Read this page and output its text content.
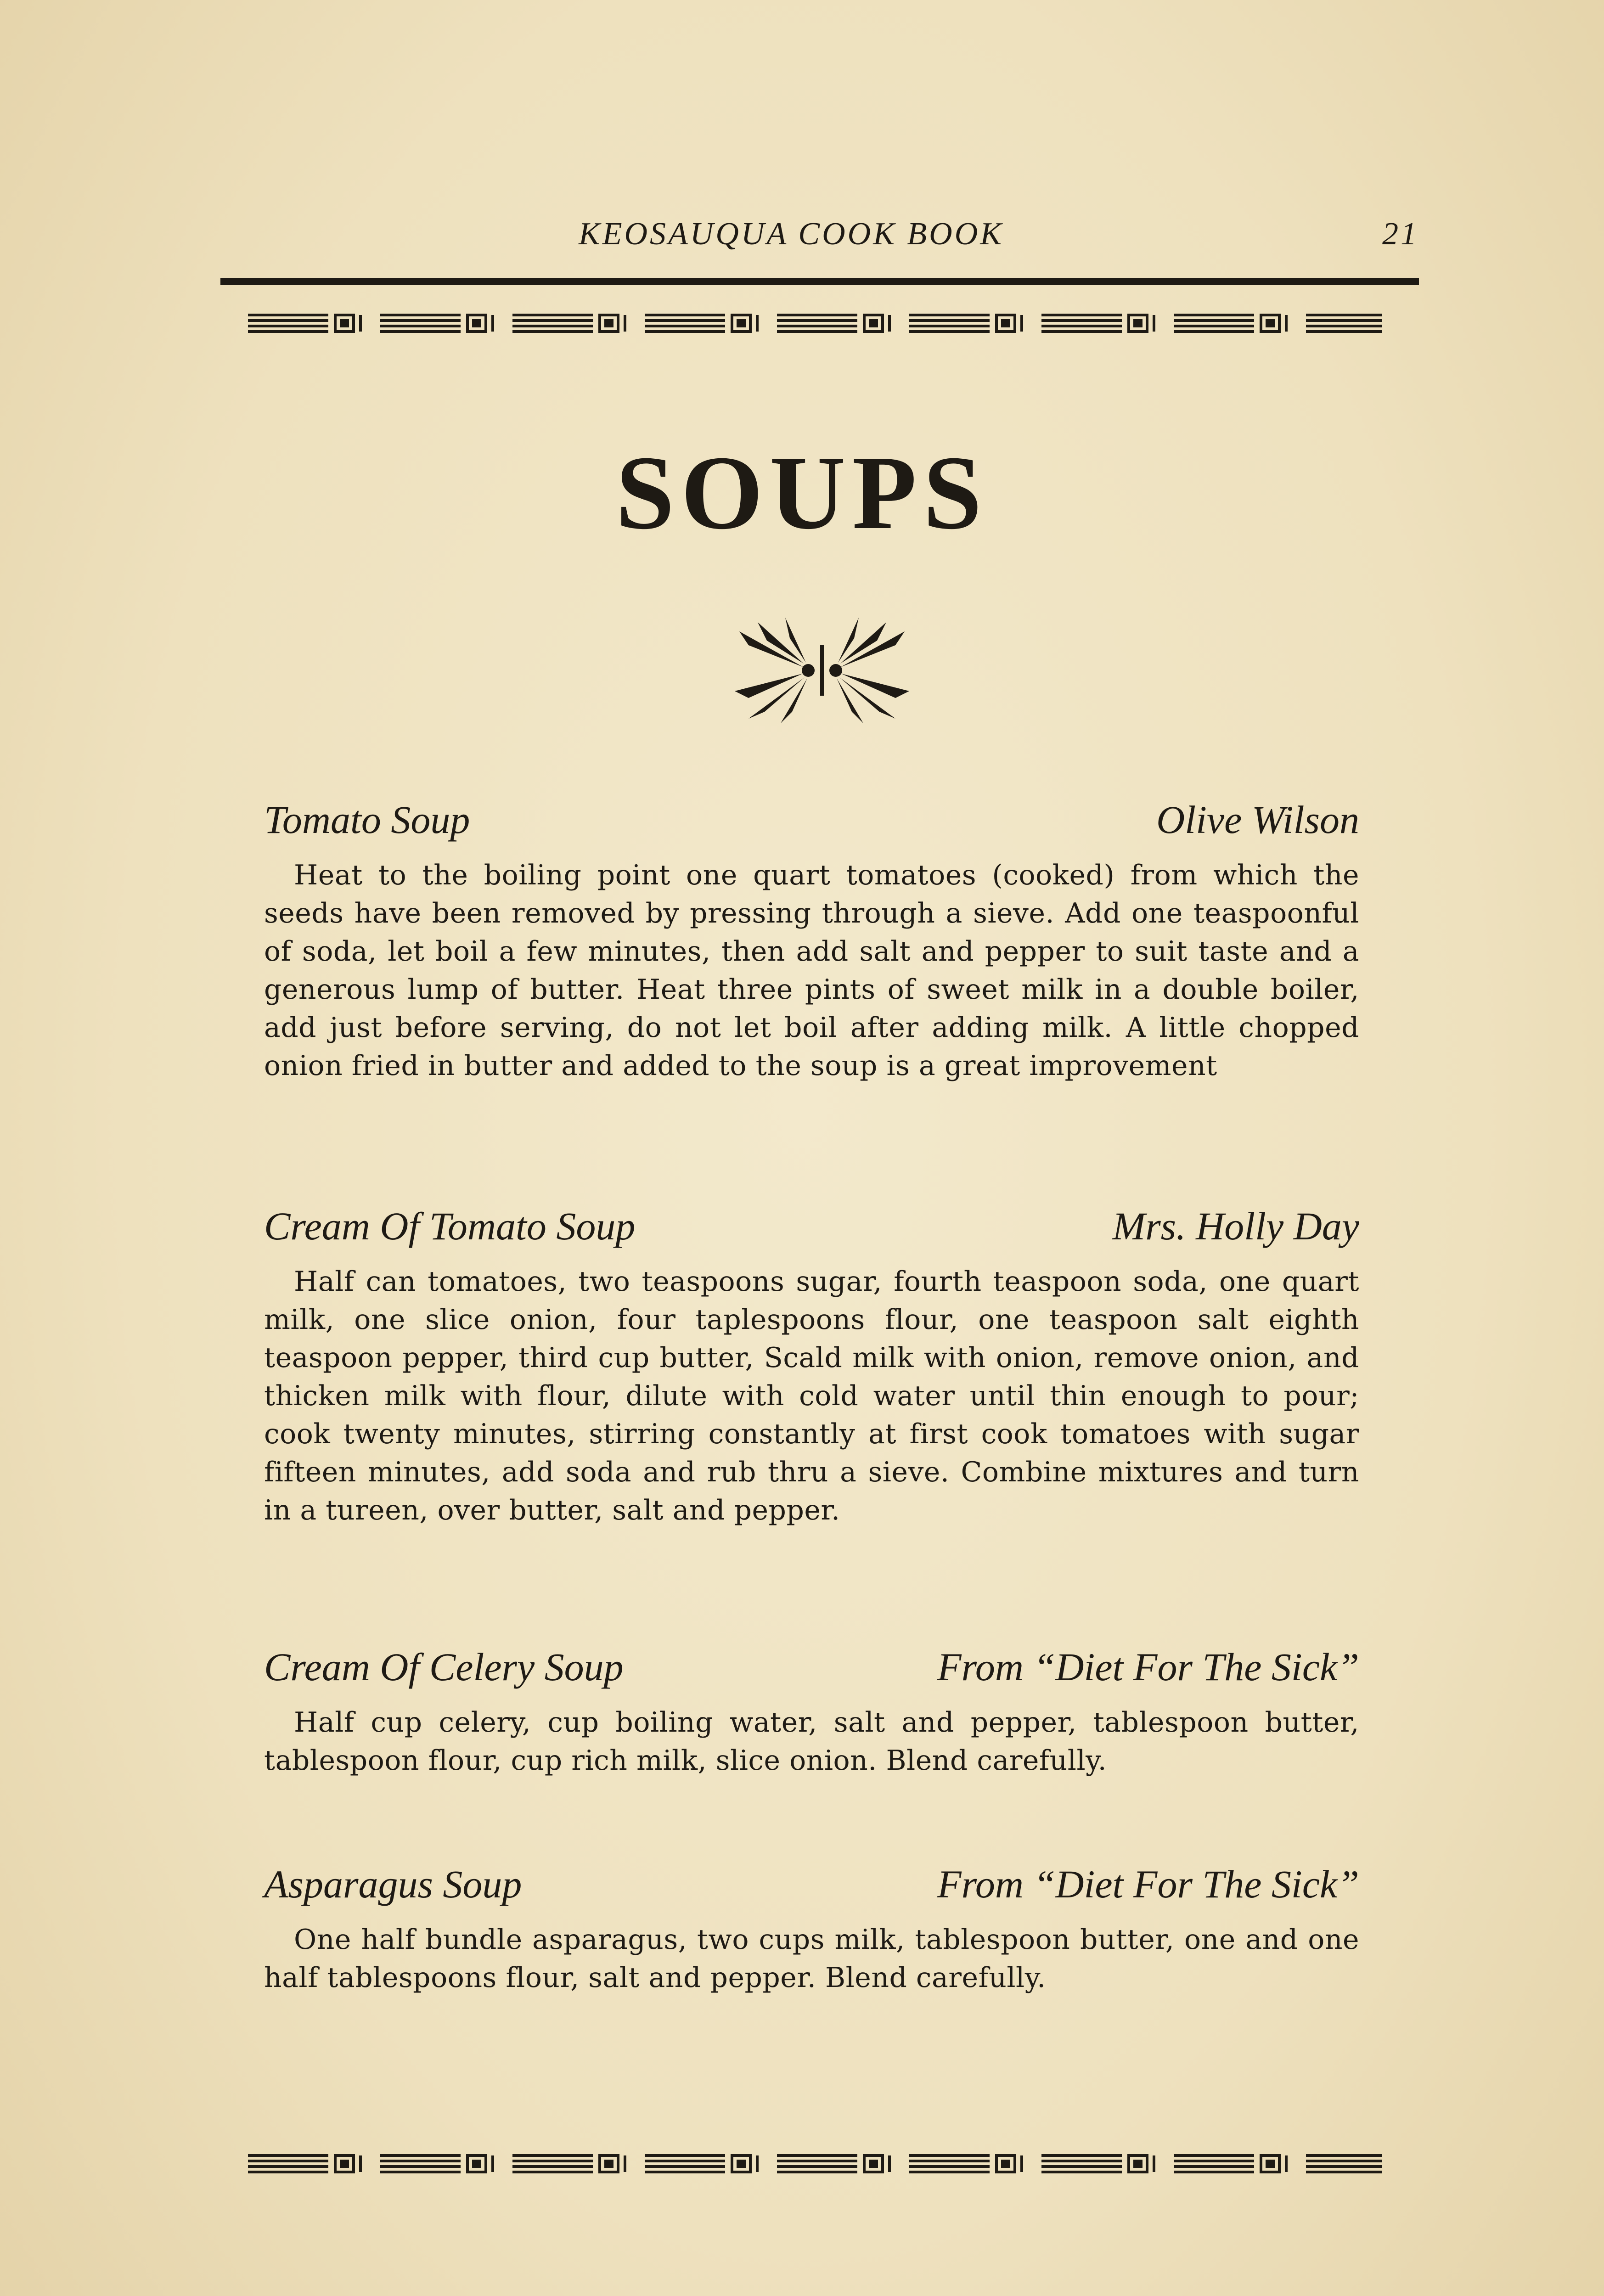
KEOSAUQUA COOK BOOK	21
SOUPS
Tomato Soup	Olive Wilson
Heat to the boiling point one quart tomatoes (cooked) from which the seeds have been removed by pressing through a sieve. Add one teaspoonful of soda, let boil a few minutes, then add salt and pepper to suit taste and a generous lump of butter. Heat three pints of sweet milk in a double boiler, add just before serving, do not let boil after adding milk. A little chopped onion fried in butter and added to the soup is a great improvement
Cream Of Tomato Soup	Mrs. Holly Day
Half can tomatoes, two teaspoons sugar, fourth teaspoon soda, one quart milk, one slice onion, four taplespoons flour, one teaspoon salt eighth teaspoon pepper, third cup butter, Scald milk with onion, remove onion, and thicken milk with flour, dilute with cold water until thin enough to pour; cook twenty minutes, stirring constantly at first cook tomatoes with sugar fifteen minutes, add soda and rub thru a sieve. Combine mixtures and turn in a tureen, over butter, salt and pepper.
Cream Of Celery Soup	From “Diet For The Sick”
Half cup celery, cup boiling water, salt and pepper, tablespoon butter, tablespoon flour, cup rich milk, slice onion. Blend carefully.
Asparagus Soup	From “Diet For The Sick”
One half bundle asparagus, two cups milk, tablespoon butter, one and one half tablespoons flour, salt and pepper. Blend carefully.
